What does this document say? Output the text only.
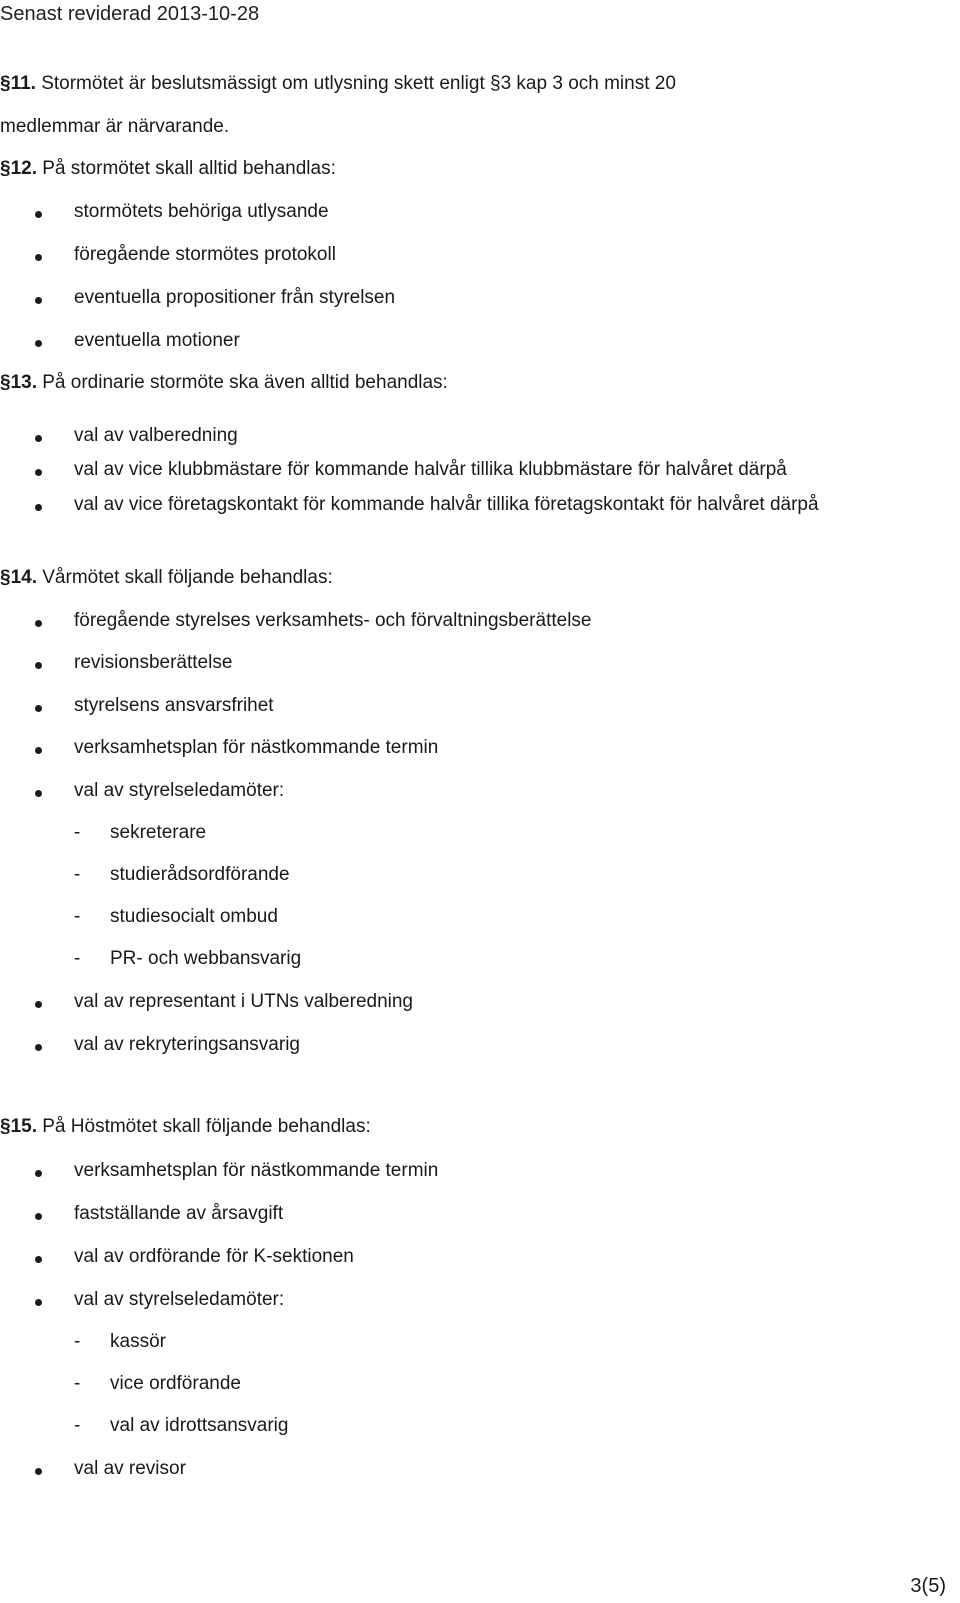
Senast reviderad 2013-10-28
§11. Stormötet är beslutsmässigt om utlysning skett enligt §3 kap 3 och minst 20
medlemmar är närvarande.
§12. På stormötet skall alltid behandlas:
stormötets behöriga utlysande
föregående stormötes protokoll
eventuella propositioner från styrelsen
eventuella motioner
§13. På ordinarie stormöte ska även alltid behandlas:
val av valberedning
val av vice klubbmästare för kommande halvår tillika klubbmästare för halvåret därpå
val av vice företagskontakt för kommande halvår tillika företagskontakt för halvåret därpå
§14. Vårmötet skall följande behandlas:
föregående styrelses verksamhets- och förvaltningsberättelse
revisionsberättelse
styrelsens ansvarsfrihet
verksamhetsplan för nästkommande termin
val av styrelseledamöter:
- sekreterare
- studierådsordförande
- studiesocialt ombud
- PR- och webbansvarig
val av representant i UTNs valberedning
val av rekryteringsansvarig
§15. På Höstmötet skall följande behandlas:
verksamhetsplan för nästkommande termin
fastställande av årsavgift
val av ordförande för K-sektionen
val av styrelseledamöter:
- kassör
- vice ordförande
- val av idrottsansvarig
val av revisor
3(5)
